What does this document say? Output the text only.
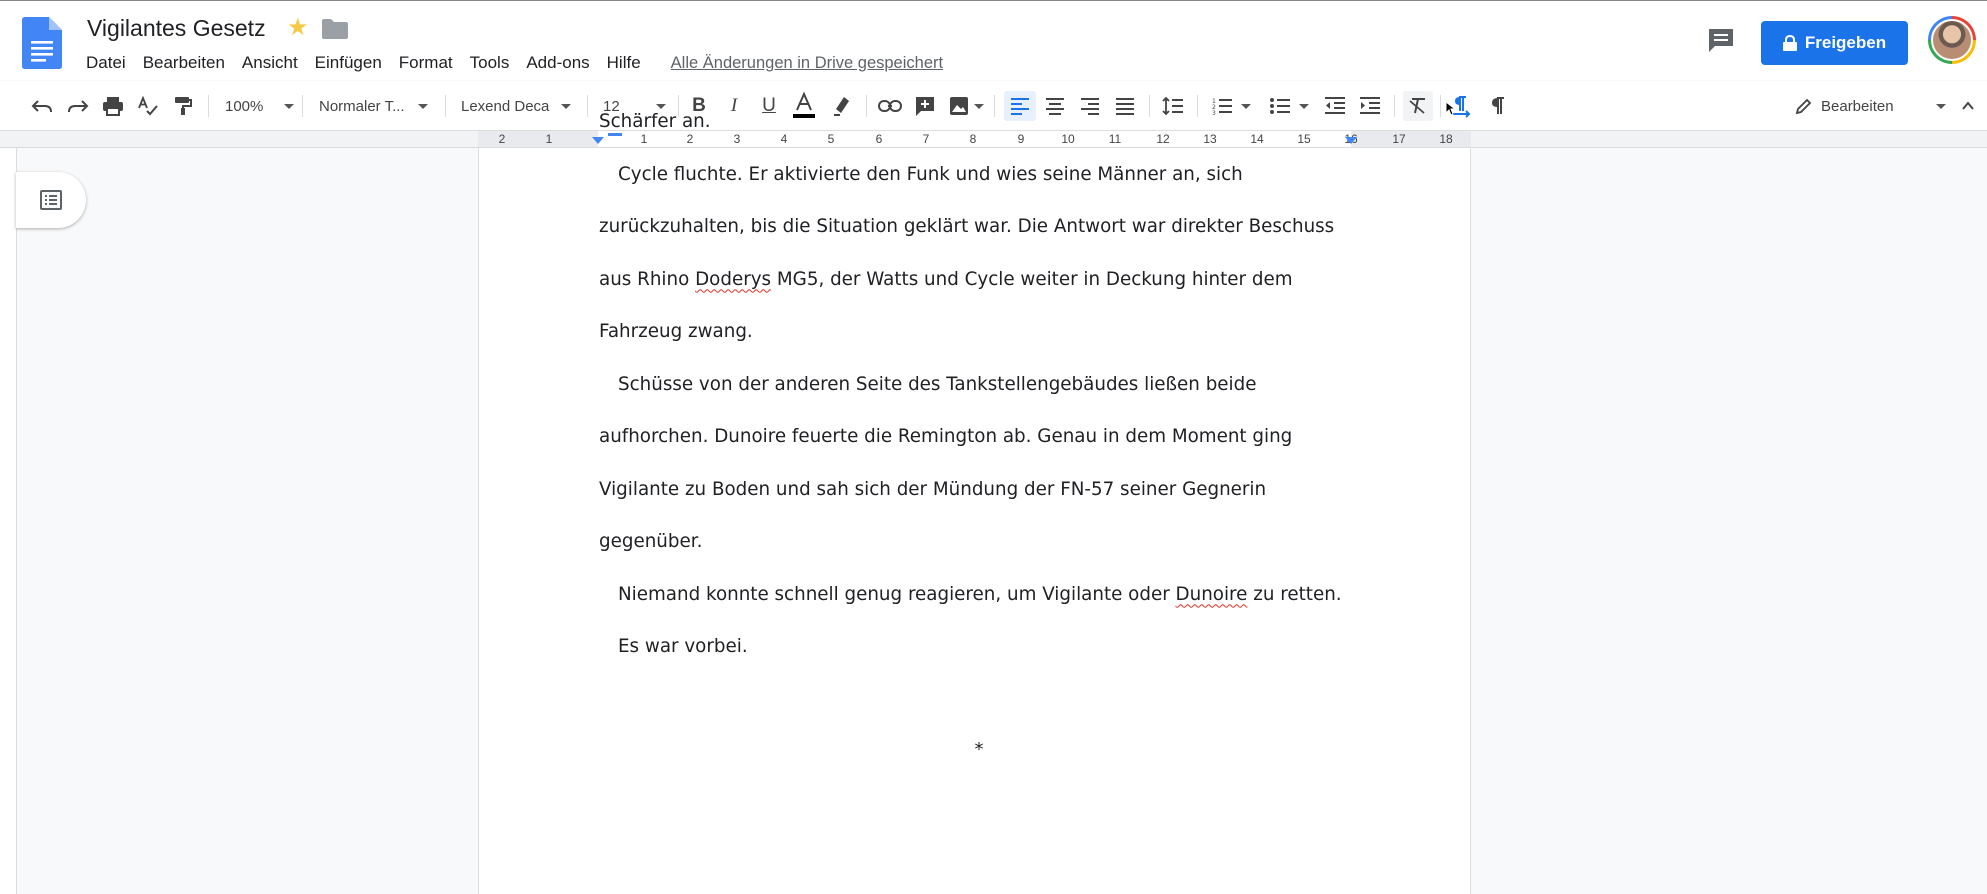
Vigilantes Gesetz ★
Datei Bearbeiten Ansicht Einfügen Format Tools Add-ons Hilfe Alle Änderungen in Drive gespeichert
Freigeben
100%	Normaler T...	Lexend Deca	12	B	I	U	1
2
3	Bearbeiten
2	1	1	2	3	4	5	6	7	8	9	10	11	12	13	14	15	16	17	18

Schärfer an.

Cycle fluchte. Er aktivierte den Funk und wies seine Männer an, sich zurückzuhalten, bis die Situation geklärt war. Die Antwort war direkter Beschuss aus Rhino Doderys MG5, der Watts und Cycle weiter in Deckung hinter dem Fahrzeug zwang.

Schüsse von der anderen Seite des Tankstellengebäudes ließen beide aufhorchen. Dunoire feuerte die Remington ab. Genau in dem Moment ging Vigilante zu Boden und sah sich der Mündung der FN-57 seiner Gegnerin gegenüber.

Niemand konnte schnell genug reagieren, um Vigilante oder Dunoire zu retten.

Es war vorbei.

*
